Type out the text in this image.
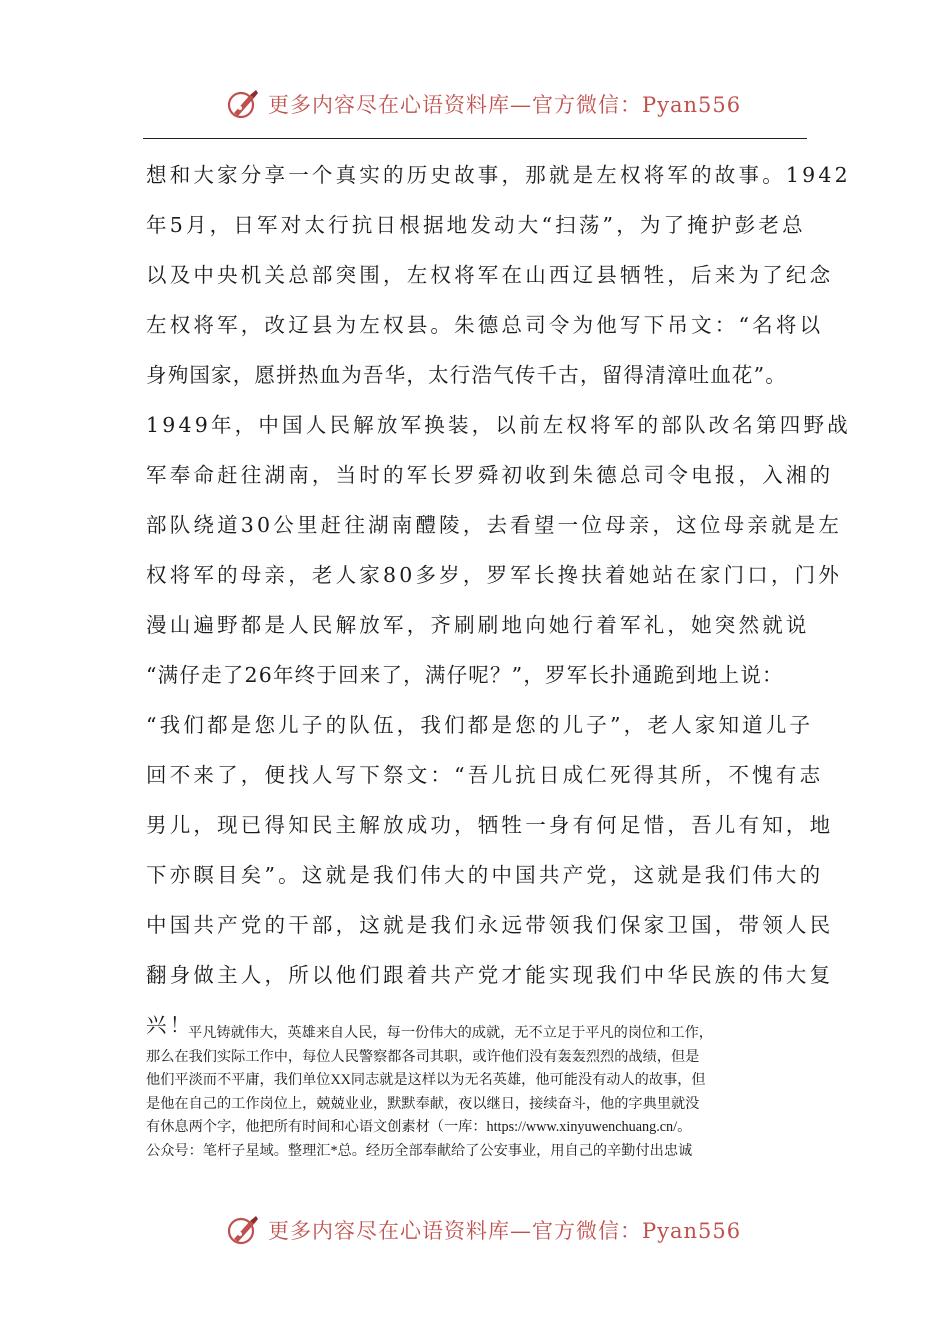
更多内容尽在心语资料库—官方微信：Pyan556
想和大家分享一个真实的历史故事，那就是左权将军的故事。1942
年5月，日军对太行抗日根据地发动大“扫荡”，为了掩护彭老总
以及中央机关总部突围，左权将军在山西辽县牺牲，后来为了纪念
左权将军，改辽县为左权县。朱德总司令为他写下吊文：“名将以
身殉国家，愿拼热血为吾华，太行浩气传千古，留得清漳吐血花”。
1949年，中国人民解放军换装，以前左权将军的部队改名第四野战
军奉命赶往湖南，当时的军长罗舜初收到朱德总司令电报，入湘的
部队绕道30公里赶往湖南醴陵，去看望一位母亲，这位母亲就是左
权将军的母亲，老人家80多岁，罗军长搀扶着她站在家门口，门外
漫山遍野都是人民解放军，齐刷刷地向她行着军礼，她突然就说
“满仔走了26年终于回来了，满仔呢？”，罗军长扑通跪到地上说：
“我们都是您儿子的队伍，我们都是您的儿子”，老人家知道儿子
回不来了，便找人写下祭文：“吾儿抗日成仁死得其所，不愧有志
男儿，现已得知民主解放成功，牺牲一身有何足惜，吾儿有知，地
下亦瞑目矣”。这就是我们伟大的中国共产党，这就是我们伟大的
中国共产党的干部，这就是我们永远带领我们保家卫国，带领人民
翻身做主人，所以他们跟着共产党才能实现我们中华民族的伟大复
兴！
平凡铸就伟大，英雄来自人民，每一份伟大的成就，无不立足于平凡的岗位和工作，
那么在我们实际工作中，每位人民警察都各司其职，或许他们没有轰轰烈烈的战绩，但是
他们平淡而不平庸，我们单位XX同志就是这样以为无名英雄，他可能没有动人的故事，但
是他在自己的工作岗位上，兢兢业业，默默奉献，夜以继日，接续奋斗，他的字典里就没
有休息两个字，他把所有时间和心语文创素材（一库：https://www.xinyuwenchuang.cn/。
公众号：笔杆子星域。整理汇*总。经历全部奉献给了公安事业，用自己的辛勤付出忠诚
更多内容尽在心语资料库—官方微信：Pyan556
